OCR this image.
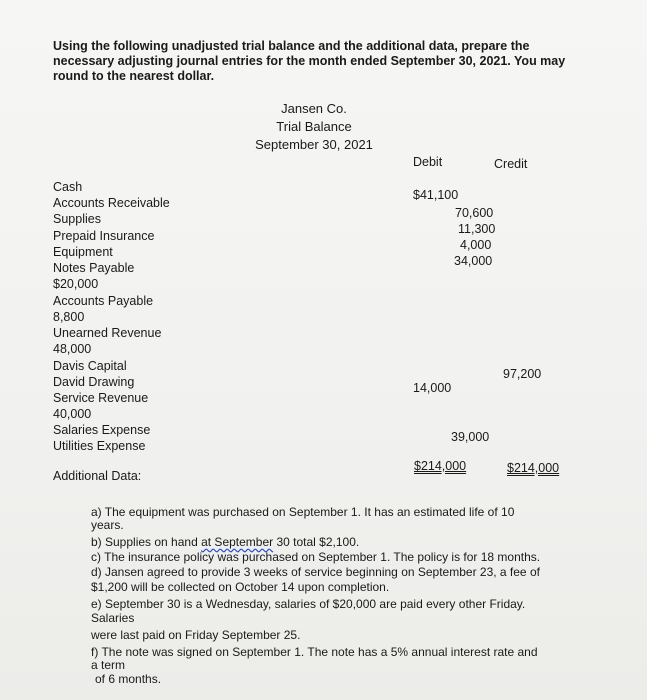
Using the following unadjusted trial balance and the additional data, prepare the
necessary adjusting journal entries for the month ended September 30, 2021. You may
round to the nearest dollar.
Jansen Co.
Trial Balance
September 30, 2021
Debit	Credit
Cash
Accounts Receivable
Supplies
Prepaid Insurance
Equipment
Notes Payable
$20,000
Accounts Payable
8,800
Unearned Revenue
48,000
Davis Capital
David Drawing
Service Revenue
40,000
Salaries Expense
Utilities Expense
$41,100
70,600
11,300
4,000
34,000
97,200
14,000
39,000
$214,000	$214,000
Additional Data:
a) The equipment was purchased on September 1. It has an estimated life of 10
years.
b) Supplies on hand at September 30 total $2,100.
c) The insurance policy was purchased on September 1. The policy is for 18 months.
d) Jansen agreed to provide 3 weeks of service beginning on September 23, a fee of
$1,200 will be collected on October 14 upon completion.
e) September 30 is a Wednesday, salaries of $20,000 are paid every other Friday.
Salaries
were last paid on Friday September 25.
f) The note was signed on September 1. The note has a 5% annual interest rate and
a term
of 6 months.
